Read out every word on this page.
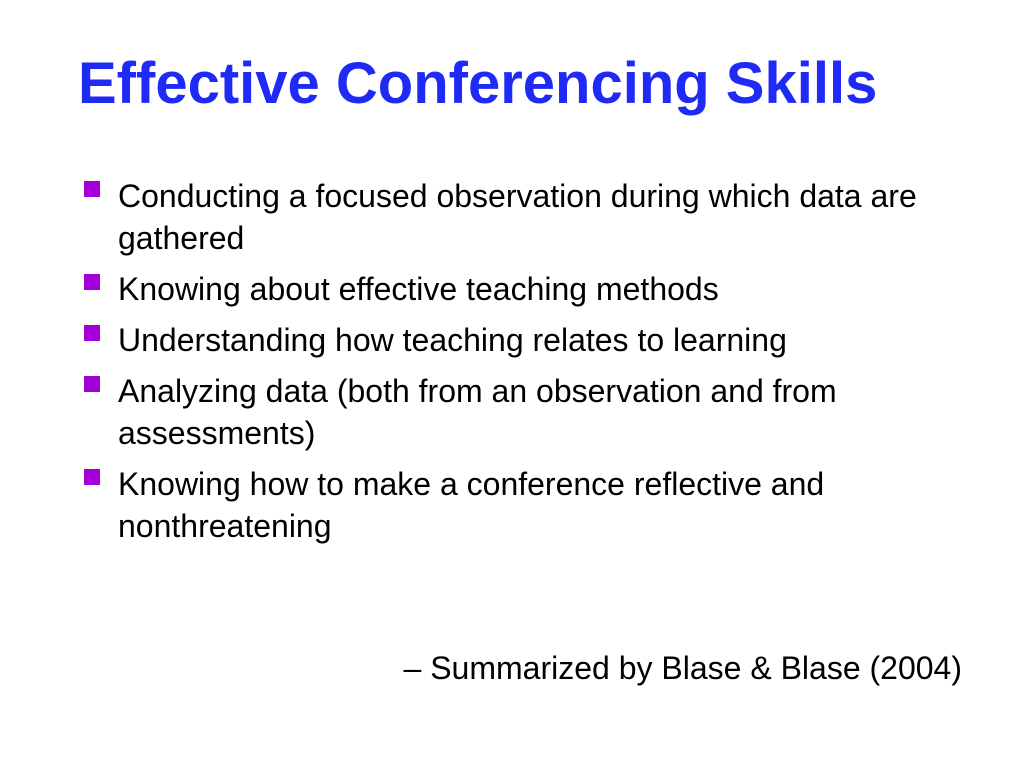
Effective Conferencing Skills
Conducting a focused observation during which data are gathered
Knowing about effective teaching methods
Understanding how teaching relates to learning
Analyzing data (both from an observation and from assessments)
Knowing how to make a conference reflective and nonthreatening

– Summarized by Blase & Blase (2004)
